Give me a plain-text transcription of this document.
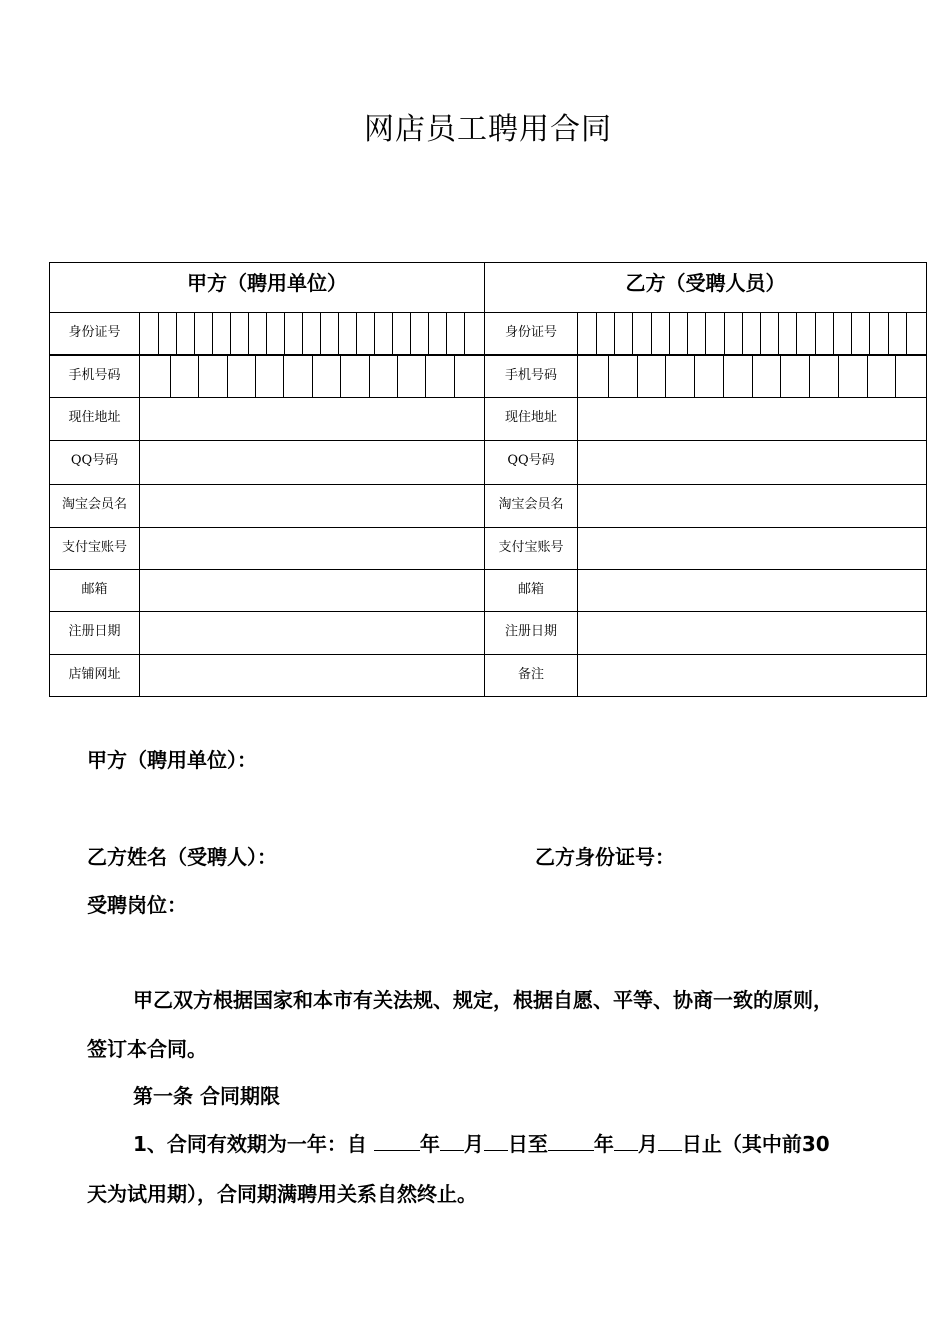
网店员工聘用合同
甲方（聘用单位）	乙方（受聘人员）
身份证号	身份证号
手机号码	手机号码
现住地址	现住地址
QQ号码	QQ号码
淘宝会员名	淘宝会员名
支付宝账号	支付宝账号
邮箱	邮箱
注册日期	注册日期
店铺网址	备注
甲方（聘用单位）：
乙方姓名（受聘人）：	乙方身份证号：
受聘岗位：
甲乙双方根据国家和本市有关法规、规定，根据自愿、平等、协商一致的原则，
签订本合同。
第一条 合同期限
1、合同有效期为一年：自 年 月 日至 年 月 日止（其中前30
天为试用期），合同期满聘用关系自然终止。
